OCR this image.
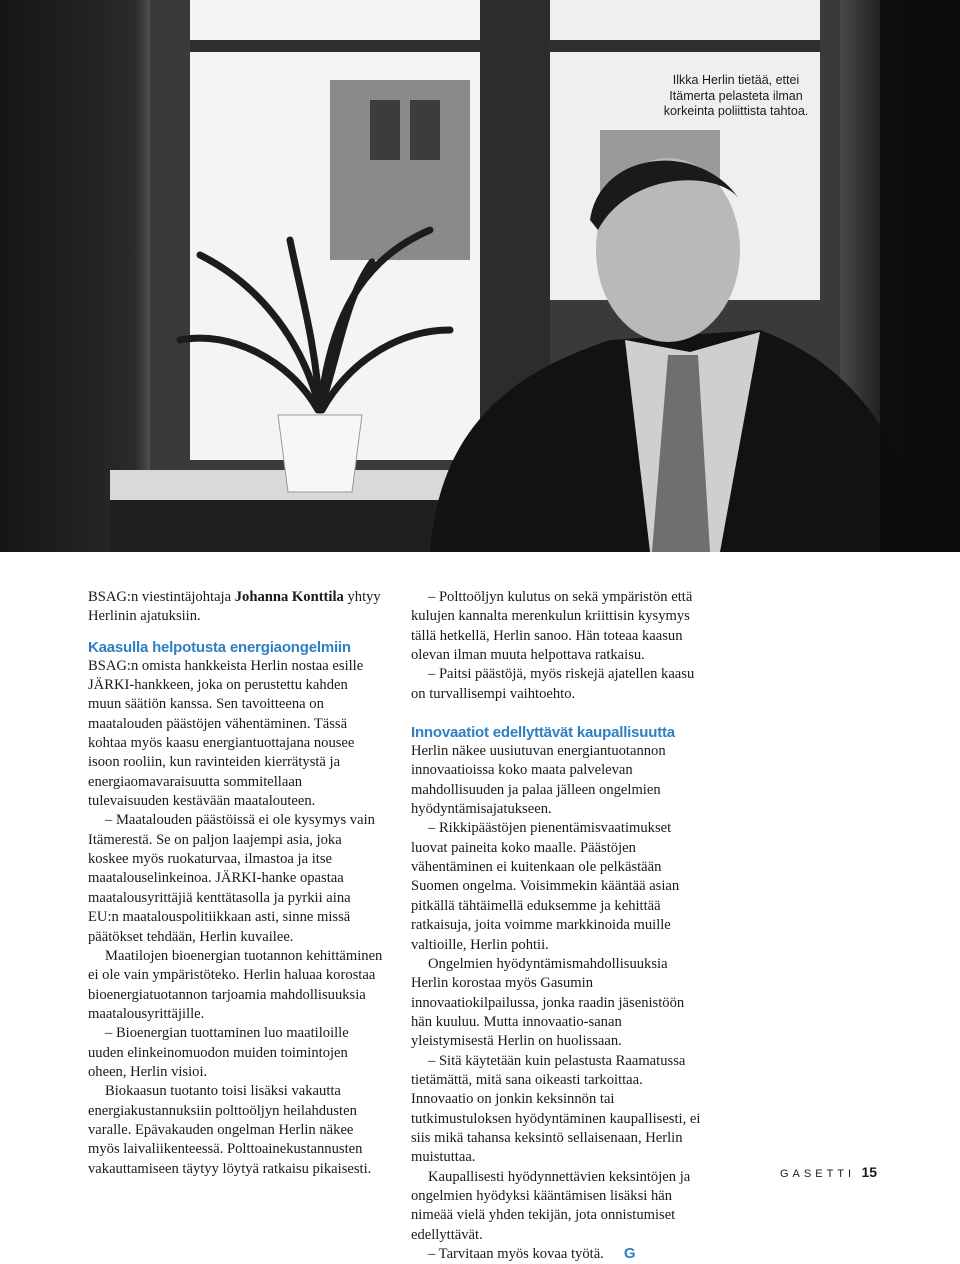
Ilkka Herlin tietää, ettei Itämerta pelasteta ilman korkeinta poliittista tahtoa.

BSAG:n viestintäjohtaja Johanna Konttila yhtyy Herlinin ajatuksiin.

Kaasulla helpotusta energiaongelmiin

BSAG:n omista hankkeista Herlin nostaa esille JÄRKI-hankkeen, joka on perustettu kahden muun säätiön kanssa. Sen tavoitteena on maatalouden päästöjen vähentäminen. Tässä kohtaa myös kaasu energiantuottajana nousee isoon rooliin, kun ravinteiden kierrätystä ja energiaomavaraisuutta sommitellaan tulevaisuuden kestävään maatalouteen.

– Maatalouden päästöissä ei ole kysymys vain Itämerestä. Se on paljon laajempi asia, joka koskee myös ruokaturvaa, ilmastoa ja itse maatalouselinkeinoa. JÄRKI-hanke opastaa maatalousyrittäjiä kenttätasolla ja pyrkii aina EU:n maatalouspolitiikkaan asti, sinne missä päätökset tehdään, Herlin kuvailee.

Maatilojen bioenergian tuotannon kehittäminen ei ole vain ympäristöteko. Herlin haluaa korostaa bioenergiatuotannon tarjoamia mahdollisuuksia maatalousyrittäjille.

– Bioenergian tuottaminen luo maatiloille uuden elinkeinomuodon muiden toimintojen oheen, Herlin visioi.

Biokaasun tuotanto toisi lisäksi vakautta energiakustannuksiin polttoöljyn heilahdusten varalle. Epävakauden ongelman Herlin näkee myös laivaliikenteessä. Polttoainekustannusten vakauttamiseen täytyy löytyä ratkaisu pikaisesti.

– Polttoöljyn kulutus on sekä ympäristön että kulujen kannalta merenkulun kriittisin kysymys tällä hetkellä, Herlin sanoo. Hän toteaa kaasun olevan ilman muuta helpottava ratkaisu.

– Paitsi päästöjä, myös riskejä ajatellen kaasu on turvallisempi vaihtoehto.

Innovaatiot edellyttävät kaupallisuutta

Herlin näkee uusiutuvan energiantuotannon innovaatioissa koko maata palvelevan mahdollisuuden ja palaa jälleen ongelmien hyödyntämisajatukseen.

– Rikkipäästöjen pienentämisvaatimukset luovat paineita koko maalle. Päästöjen vähentäminen ei kuitenkaan ole pelkästään Suomen ongelma. Voisimmekin kääntää asian pitkällä tähtäimellä eduksemme ja kehittää ratkaisuja, joita voimme markkinoida muille valtioille, Herlin pohtii.

Ongelmien hyödyntämismahdollisuuksia Herlin korostaa myös Gasumin innovaatiokilpailussa, jonka raadin jäsenistöön hän kuuluu. Mutta innovaatio-sanan yleistymisestä Herlin on huolissaan.

– Sitä käytetään kuin pelastusta Raamatussa tietämättä, mitä sana oikeasti tarkoittaa. Innovaatio on jonkin keksinnön tai tutkimustuloksen hyödyntäminen kaupallisesti, ei siis mikä tahansa keksintö sellaisenaan, Herlin muistuttaa.

Kaupallisesti hyödynnettävien keksintöjen ja ongelmien hyödyksi kääntämisen lisäksi hän nimeää vielä yhden tekijän, jota onnistumiset edellyttävät.

– Tarvitaan myös kovaa työtä. G

GASETTI 15
